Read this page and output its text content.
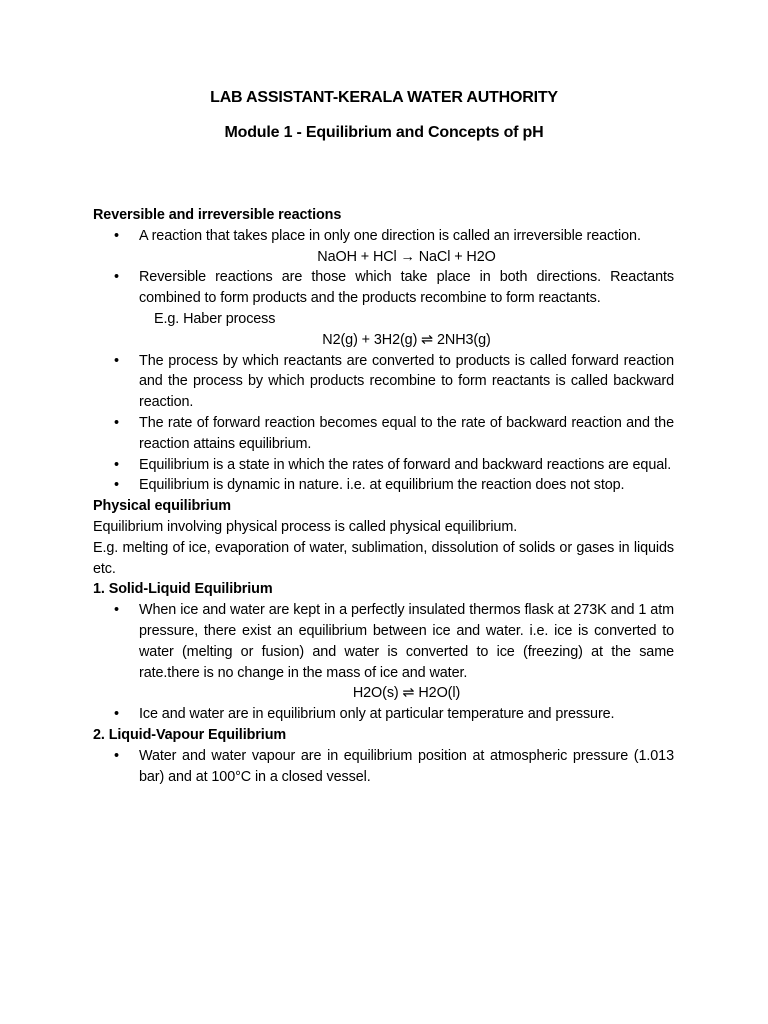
LAB ASSISTANT-KERALA WATER AUTHORITY
Module 1 - Equilibrium and Concepts of pH
Reversible and irreversible reactions
• A reaction that takes place in only one direction is called an irreversible reaction.
NaOH + HCl → NaCl + H2O
• Reversible reactions are those which take place in both directions. Reactants combined to form products and the products recombine to form reactants.
E.g. Haber process
N2(g) + 3H2(g) ⇌ 2NH3(g)
• The process by which reactants are converted to products is called forward reaction and the process by which products recombine to form reactants is called backward reaction.
• The rate of forward reaction becomes equal to the rate of backward reaction and the reaction attains equilibrium.
• Equilibrium is a state in which the rates of forward and backward reactions are equal.
• Equilibrium is dynamic in nature. i.e. at equilibrium the reaction does not stop.
Physical equilibrium
Equilibrium involving physical process is called physical equilibrium.
E.g. melting of ice, evaporation of water, sublimation, dissolution of solids or gases in liquids etc.
1. Solid-Liquid Equilibrium
• When ice and water are kept in a perfectly insulated thermos flask at 273K and 1 atm pressure, there exist an equilibrium between ice and water. i.e. ice is converted to water (melting or fusion) and water is converted to ice (freezing) at the same rate.there is no change in the mass of ice and water.
H2O(s) ⇌ H2O(l)
• Ice and water are in equilibrium only at particular temperature and pressure.
2. Liquid-Vapour Equilibrium
• Water and water vapour are in equilibrium position at atmospheric pressure (1.013 bar) and at 100°C in a closed vessel.
